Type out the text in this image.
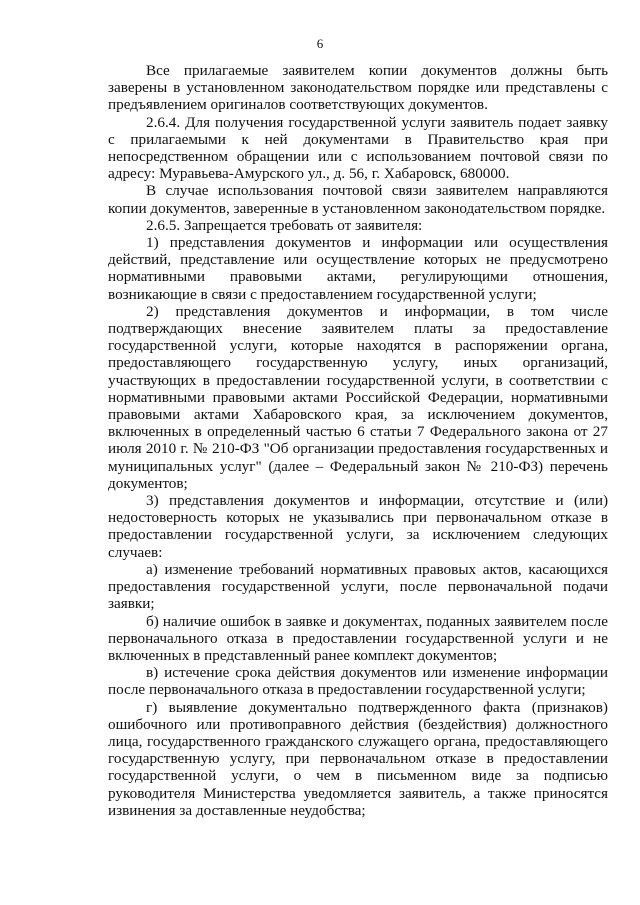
6

Все прилагаемые заявителем копии документов должны быть заверены в установленном законодательством порядке или представлены с предъявлением оригиналов соответствующих документов.

2.6.4. Для получения государственной услуги заявитель подает заявку с прилагаемыми к ней документами в Правительство края при непосредственном обращении или с использованием почтовой связи по адресу: Муравьева-Амурского ул., д. 56, г. Хабаровск, 680000.

В случае использования почтовой связи заявителем направляются копии документов, заверенные в установленном законодательством порядке.

2.6.5. Запрещается требовать от заявителя:

1) представления документов и информации или осуществления действий, представление или осуществление которых не предусмотрено нормативными правовыми актами, регулирующими отношения, возникающие в связи с предоставлением государственной услуги;

2) представления документов и информации, в том числе подтверждающих внесение заявителем платы за предоставление государственной услуги, которые находятся в распоряжении органа, предоставляющего государственную услугу, иных организаций, участвующих в предоставлении государственной услуги, в соответствии с нормативными правовыми актами Российской Федерации, нормативными правовыми актами Хабаровского края, за исключением документов, включенных в определенный частью 6 статьи 7 Федерального закона от 27 июля 2010 г. № 210-ФЗ "Об организации предоставления государственных и муниципальных услуг" (далее – Федеральный закон № 210-ФЗ) перечень документов;

3) представления документов и информации, отсутствие и (или) недостоверность которых не указывались при первоначальном отказе в предоставлении государственной услуги, за исключением следующих случаев:

а) изменение требований нормативных правовых актов, касающихся предоставления государственной услуги, после первоначальной подачи заявки;

б) наличие ошибок в заявке и документах, поданных заявителем после первоначального отказа в предоставлении государственной услуги и не включенных в представленный ранее комплект документов;

в) истечение срока действия документов или изменение информации после первоначального отказа в предоставлении государственной услуги;

г) выявление документально подтвержденного факта (признаков) ошибочного или противоправного действия (бездействия) должностного лица, государственного гражданского служащего органа, предоставляющего государственную услугу, при первоначальном отказе в предоставлении государственной услуги, о чем в письменном виде за подписью руководителя Министерства уведомляется заявитель, а также приносятся извинения за доставленные неудобства;
